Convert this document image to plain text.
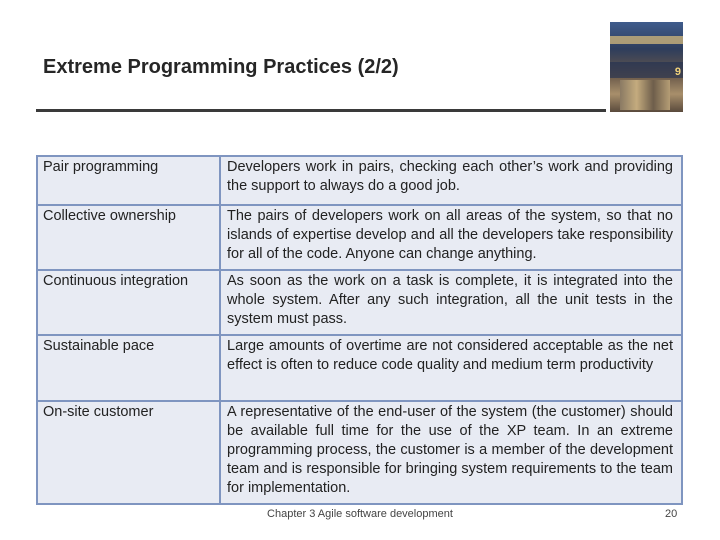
Extreme Programming Practices (2/2)	9
Pair programming	Developers work in pairs, checking each other’s work and providing the support to always do a good job.
Collective ownership	The pairs of developers work on all areas of the system, so that no islands of expertise develop and all the developers take responsibility for all of the code. Anyone can change anything.
Continuous integration	As soon as the work on a task is complete, it is integrated into the whole system. After any such integration, all the unit tests in the system must pass.
Sustainable pace	Large amounts of overtime are not considered acceptable as the net effect is often to reduce code quality and medium term productivity
On-site customer	A representative of the end-user of the system (the customer) should be available full time for the use of the XP team. In an extreme programming process, the customer is a member of the development team and is responsible for bringing system requirements to the team for implementation.
Chapter 3 Agile software development	20
